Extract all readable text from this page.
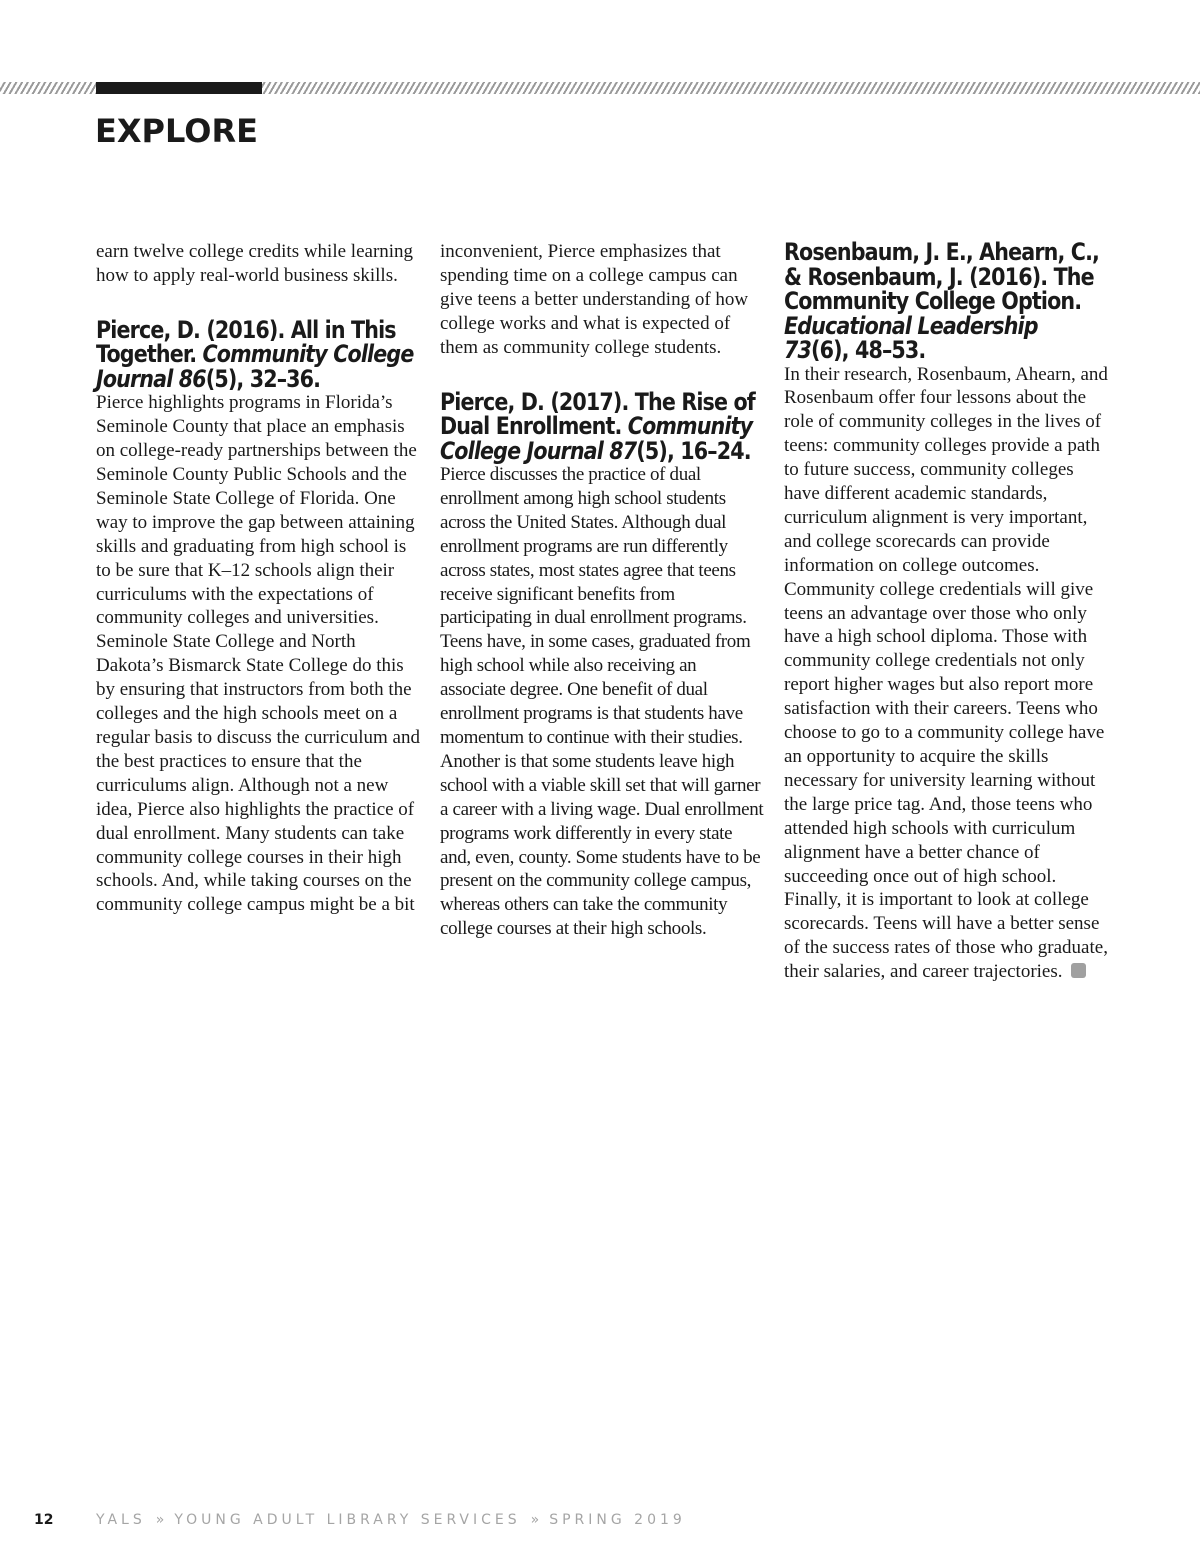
EXPLORE

earn twelve college credits while learning how to apply real-world business skills.

Pierce, D. (2016). All in This Together. Community College Journal 86(5), 32–36.

Pierce highlights programs in Florida’s Seminole County that place an emphasis on college-ready partnerships between the Seminole County Public Schools and the Seminole State College of Florida. One way to improve the gap between attaining skills and graduating from high school is to be sure that K–12 schools align their curriculums with the expectations of community colleges and universities. Seminole State College and North Dakota’s Bismarck State College do this by ensuring that instructors from both the colleges and the high schools meet on a regular basis to discuss the curriculum and the best practices to ensure that the curriculums align. Although not a new idea, Pierce also highlights the practice of dual enrollment. Many students can take community college courses in their high schools. And, while taking courses on the community college campus might be a bit

inconvenient, Pierce emphasizes that spending time on a college campus can give teens a better understanding of how college works and what is expected of them as community college students.

Pierce, D. (2017). The Rise of Dual Enrollment. Community College Journal 87(5), 16–24.

Pierce discusses the practice of dual enrollment among high school students across the United States. Although dual enrollment programs are run differently across states, most states agree that teens receive significant benefits from participating in dual enrollment programs. Teens have, in some cases, graduated from high school while also receiving an associate degree. One benefit of dual enrollment programs is that students have momentum to continue with their studies. Another is that some students leave high school with a viable skill set that will garner a career with a living wage. Dual enrollment programs work differently in every state and, even, county. Some students have to be present on the community college campus, whereas others can take the community college courses at their high schools.

Rosenbaum, J. E., Ahearn, C., & Rosenbaum, J. (2016). The Community College Option. Educational Leadership 73(6), 48–53.

In their research, Rosenbaum, Ahearn, and Rosenbaum offer four lessons about the role of community colleges in the lives of teens: community colleges provide a path to future success, community colleges have different academic standards, curriculum alignment is very important, and college scorecards can provide information on college outcomes. Community college credentials will give teens an advantage over those who only have a high school diploma. Those with community college credentials not only report higher wages but also report more satisfaction with their careers. Teens who choose to go to a community college have an opportunity to acquire the skills necessary for university learning without the large price tag. And, those teens who attended high schools with curriculum alignment have a better chance of succeeding once out of high school. Finally, it is important to look at college scorecards. Teens will have a better sense of the success rates of those who graduate, their salaries, and career trajectories.

12	YALS » YOUNG ADULT LIBRARY SERVICES » SPRING 2019
